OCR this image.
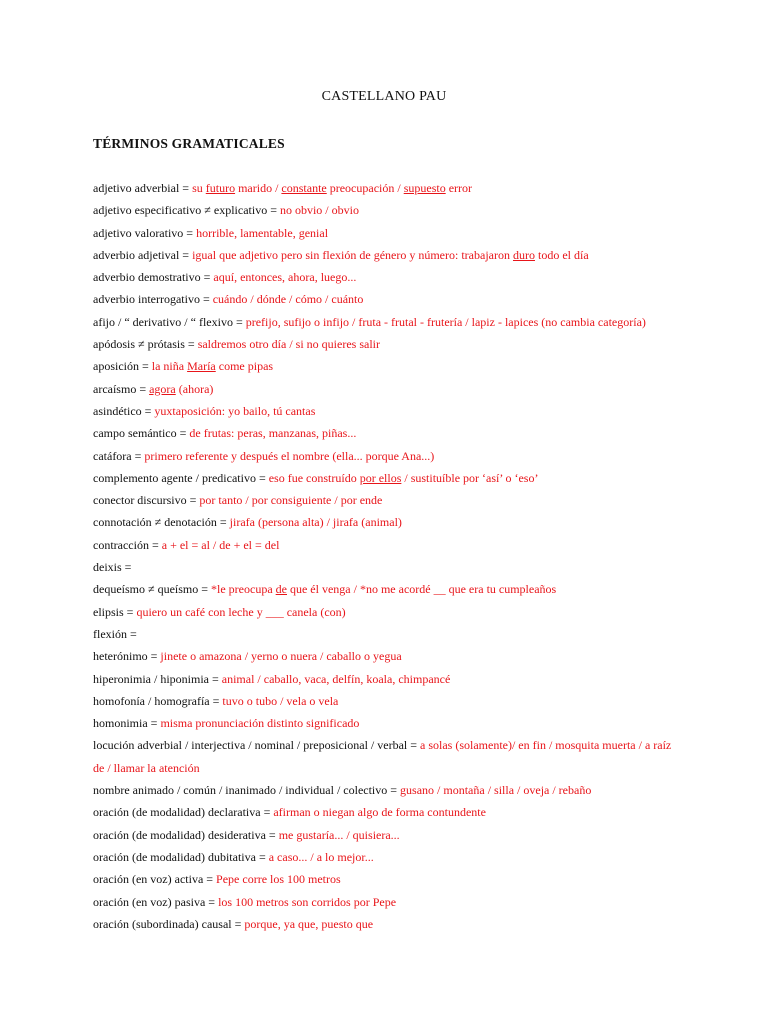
CASTELLANO PAU
TÉRMINOS GRAMATICALES
adjetivo adverbial = su futuro marido / constante preocupación / supuesto error
adjetivo especificativo ≠ explicativo = no obvio / obvio
adjetivo valorativo = horrible, lamentable, genial
adverbio adjetival = igual que adjetivo pero sin flexión de género y número: trabajaron duro todo el día
adverbio demostrativo = aquí, entonces, ahora, luego...
adverbio interrogativo = cuándo / dónde / cómo / cuánto
afijo / “ derivativo / “ flexivo = prefijo, sufijo o infijo / fruta - frutal - frutería / lapiz - lapices (no cambia categoría)
apódosis ≠ prótasis = saldremos otro día / si no quieres salir
aposición = la niña María come pipas
arcaísmo = agora (ahora)
asindético = yuxtaposición: yo bailo, tú cantas
campo semántico = de frutas: peras, manzanas, piñas...
catáfora = primero referente y después el nombre (ella... porque Ana...)
complemento agente / predicativo = eso fue construído por ellos / sustituíble por ‘así’ o ‘eso’
conector discursivo = por tanto / por consiguiente / por ende
connotación ≠ denotación = jirafa (persona alta) / jirafa (animal)
contracción = a + el = al / de + el = del
deixis =
dequeísmo ≠ queísmo = *le preocupa de que él venga / *no me acordé __ que era tu cumpleaños
elipsis = quiero un café con leche y ___ canela (con)
flexión =
heterónimo = jinete o amazona / yerno o nuera / caballo o yegua
hiperonimia / hiponimia = animal / caballo, vaca, delfín, koala, chimpancé
homofonía / homografía = tuvo o tubo / vela o vela
homonimia = misma pronunciación distinto significado
locución adverbial / interjectiva / nominal / preposicional / verbal = a solas (solamente)/ en fin / mosquita muerta / a raíz de / llamar la atención
nombre animado / común / inanimado / individual / colectivo = gusano / montaña / silla / oveja / rebaño
oración (de modalidad) declarativa = afirman o niegan algo de forma contundente
oración (de modalidad) desiderativa = me gustaría... / quisiera...
oración (de modalidad) dubitativa = a caso... / a lo mejor...
oración (en voz) activa = Pepe corre los 100 metros
oración (en voz) pasiva = los 100 metros son corridos por Pepe
oración (subordinada) causal = porque, ya que, puesto que
